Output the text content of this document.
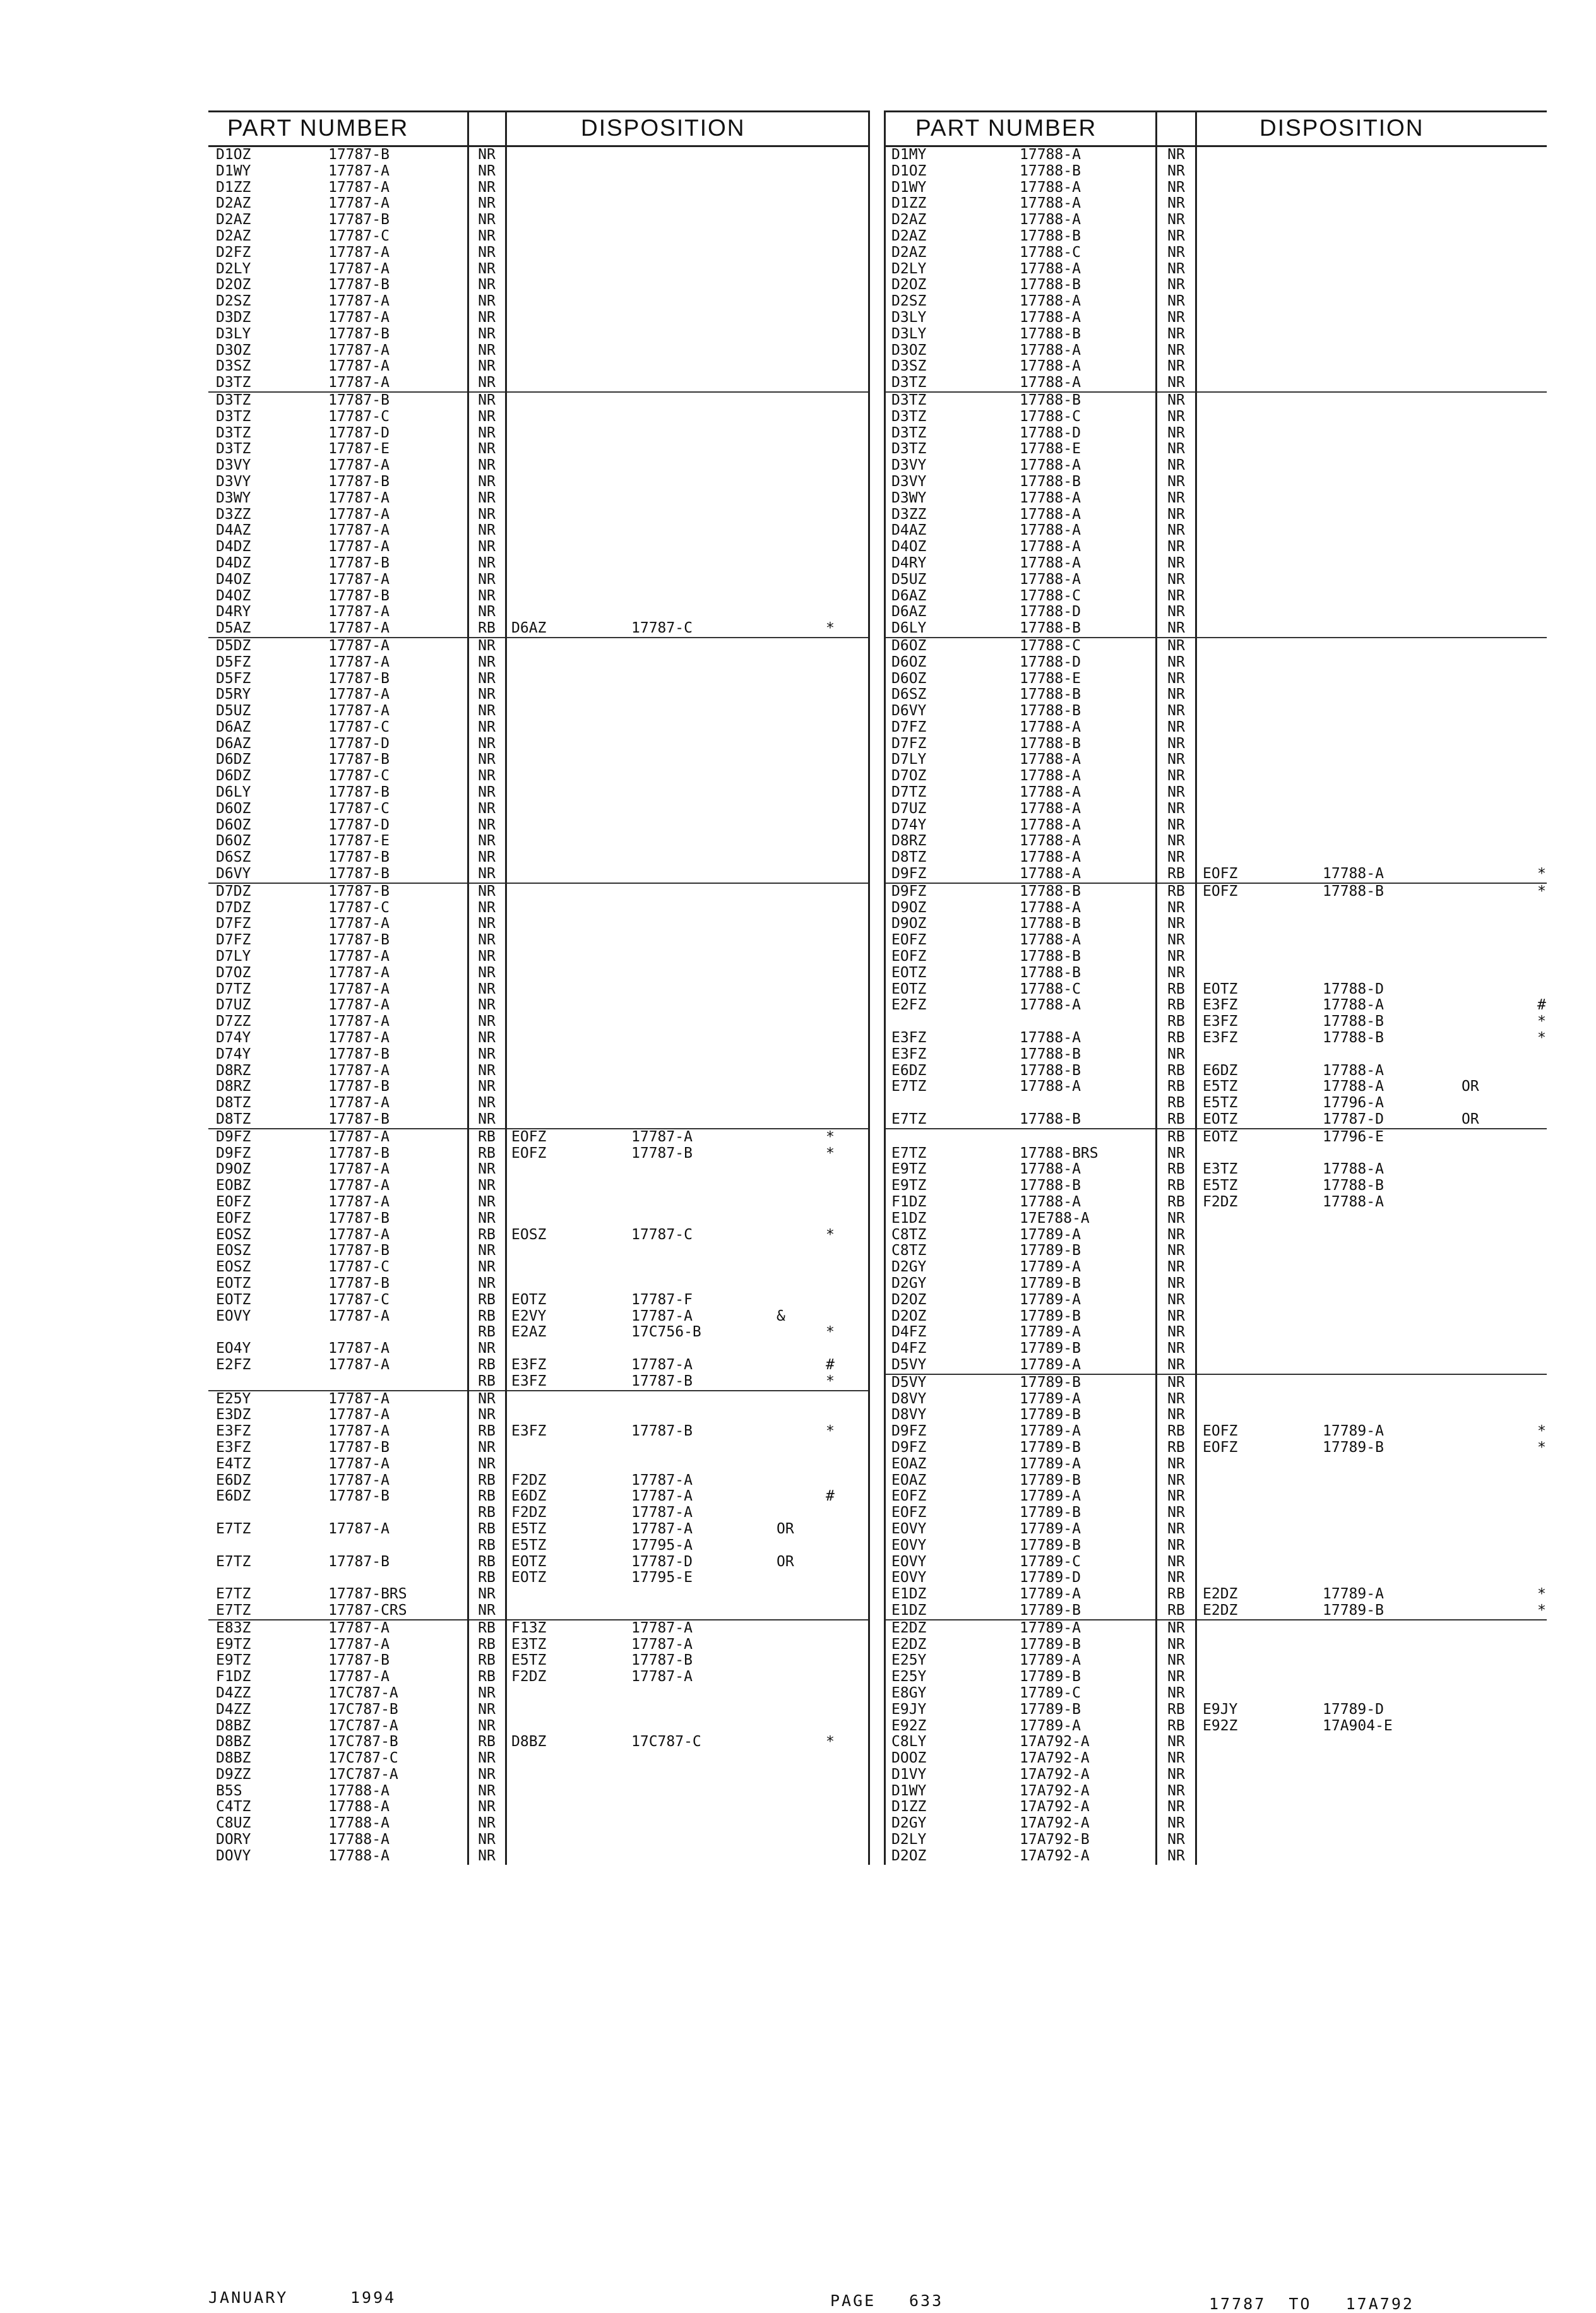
PART NUMBER	DISPOSITION
D1OZ	17787-B	NR
D1WY	17787-A	NR
D1ZZ	17787-A	NR
D2AZ	17787-A	NR
D2AZ	17787-B	NR
D2AZ	17787-C	NR
D2FZ	17787-A	NR
D2LY	17787-A	NR
D2OZ	17787-B	NR
D2SZ	17787-A	NR
D3DZ	17787-A	NR
D3LY	17787-B	NR
D3OZ	17787-A	NR
D3SZ	17787-A	NR
D3TZ	17787-A	NR
D3TZ	17787-B	NR
D3TZ	17787-C	NR
D3TZ	17787-D	NR
D3TZ	17787-E	NR
D3VY	17787-A	NR
D3VY	17787-B	NR
D3WY	17787-A	NR
D3ZZ	17787-A	NR
D4AZ	17787-A	NR
D4DZ	17787-A	NR
D4DZ	17787-B	NR
D4OZ	17787-A	NR
D4OZ	17787-B	NR
D4RY	17787-A	NR
D5AZ	17787-A	RB	D6AZ	17787-C	*
D5DZ	17787-A	NR
D5FZ	17787-A	NR
D5FZ	17787-B	NR
D5RY	17787-A	NR
D5UZ	17787-A	NR
D6AZ	17787-C	NR
D6AZ	17787-D	NR
D6DZ	17787-B	NR
D6DZ	17787-C	NR
D6LY	17787-B	NR
D6OZ	17787-C	NR
D6OZ	17787-D	NR
D6OZ	17787-E	NR
D6SZ	17787-B	NR
D6VY	17787-B	NR
D7DZ	17787-B	NR
D7DZ	17787-C	NR
D7FZ	17787-A	NR
D7FZ	17787-B	NR
D7LY	17787-A	NR
D7OZ	17787-A	NR
D7TZ	17787-A	NR
D7UZ	17787-A	NR
D7ZZ	17787-A	NR
D74Y	17787-A	NR
D74Y	17787-B	NR
D8RZ	17787-A	NR
D8RZ	17787-B	NR
D8TZ	17787-A	NR
D8TZ	17787-B	NR
D9FZ	17787-A	RB	EOFZ	17787-A	*
D9FZ	17787-B	RB	EOFZ	17787-B	*
D9OZ	17787-A	NR
EOBZ	17787-A	NR
EOFZ	17787-A	NR
EOFZ	17787-B	NR
EOSZ	17787-A	RB	EOSZ	17787-C	*
EOSZ	17787-B	NR
EOSZ	17787-C	NR
EOTZ	17787-B	NR
EOTZ	17787-C	RB	EOTZ	17787-F
EOVY	17787-A	RB	E2VY	17787-A	&
RB	E2AZ	17C756-B	*
EO4Y	17787-A	NR
E2FZ	17787-A	RB	E3FZ	17787-A	#
RB	E3FZ	17787-B	*
E25Y	17787-A	NR
E3DZ	17787-A	NR
E3FZ	17787-A	RB	E3FZ	17787-B	*
E3FZ	17787-B	NR
E4TZ	17787-A	NR
E6DZ	17787-A	RB	F2DZ	17787-A
E6DZ	17787-B	RB	E6DZ	17787-A	#
RB	F2DZ	17787-A
E7TZ	17787-A	RB	E5TZ	17787-A	OR
RB	E5TZ	17795-A
E7TZ	17787-B	RB	EOTZ	17787-D	OR
RB	EOTZ	17795-E
E7TZ	17787-BRS	NR
E7TZ	17787-CRS	NR
E83Z	17787-A	RB	F13Z	17787-A
E9TZ	17787-A	RB	E3TZ	17787-A
E9TZ	17787-B	RB	E5TZ	17787-B
F1DZ	17787-A	RB	F2DZ	17787-A
D4ZZ	17C787-A	NR
D4ZZ	17C787-B	NR
D8BZ	17C787-A	NR
D8BZ	17C787-B	RB	D8BZ	17C787-C	*
D8BZ	17C787-C	NR
D9ZZ	17C787-A	NR
B5S	17788-A	NR
C4TZ	17788-A	NR
C8UZ	17788-A	NR
DORY	17788-A	NR
DOVY	17788-A	NR
PART NUMBER	DISPOSITION
D1MY	17788-A	NR
D1OZ	17788-B	NR
D1WY	17788-A	NR
D1ZZ	17788-A	NR
D2AZ	17788-A	NR
D2AZ	17788-B	NR
D2AZ	17788-C	NR
D2LY	17788-A	NR
D2OZ	17788-B	NR
D2SZ	17788-A	NR
D3LY	17788-A	NR
D3LY	17788-B	NR
D3OZ	17788-A	NR
D3SZ	17788-A	NR
D3TZ	17788-A	NR
D3TZ	17788-B	NR
D3TZ	17788-C	NR
D3TZ	17788-D	NR
D3TZ	17788-E	NR
D3VY	17788-A	NR
D3VY	17788-B	NR
D3WY	17788-A	NR
D3ZZ	17788-A	NR
D4AZ	17788-A	NR
D4OZ	17788-A	NR
D4RY	17788-A	NR
D5UZ	17788-A	NR
D6AZ	17788-C	NR
D6AZ	17788-D	NR
D6LY	17788-B	NR
D6OZ	17788-C	NR
D6OZ	17788-D	NR
D6OZ	17788-E	NR
D6SZ	17788-B	NR
D6VY	17788-B	NR
D7FZ	17788-A	NR
D7FZ	17788-B	NR
D7LY	17788-A	NR
D7OZ	17788-A	NR
D7TZ	17788-A	NR
D7UZ	17788-A	NR
D74Y	17788-A	NR
D8RZ	17788-A	NR
D8TZ	17788-A	NR
D9FZ	17788-A	RB	EOFZ	17788-A	*
D9FZ	17788-B	RB	EOFZ	17788-B	*
D9OZ	17788-A	NR
D9OZ	17788-B	NR
EOFZ	17788-A	NR
EOFZ	17788-B	NR
EOTZ	17788-B	NR
EOTZ	17788-C	RB	EOTZ	17788-D
E2FZ	17788-A	RB	E3FZ	17788-A	#
RB	E3FZ	17788-B	*
E3FZ	17788-A	RB	E3FZ	17788-B	*
E3FZ	17788-B	NR
E6DZ	17788-B	RB	E6DZ	17788-A
E7TZ	17788-A	RB	E5TZ	17788-A	OR
RB	E5TZ	17796-A
E7TZ	17788-B	RB	EOTZ	17787-D	OR
RB	EOTZ	17796-E
E7TZ	17788-BRS	NR
E9TZ	17788-A	RB	E3TZ	17788-A
E9TZ	17788-B	RB	E5TZ	17788-B
F1DZ	17788-A	RB	F2DZ	17788-A
E1DZ	17E788-A	NR
C8TZ	17789-A	NR
C8TZ	17789-B	NR
D2GY	17789-A	NR
D2GY	17789-B	NR
D2OZ	17789-A	NR
D2OZ	17789-B	NR
D4FZ	17789-A	NR
D4FZ	17789-B	NR
D5VY	17789-A	NR
D5VY	17789-B	NR
D8VY	17789-A	NR
D8VY	17789-B	NR
D9FZ	17789-A	RB	EOFZ	17789-A	*
D9FZ	17789-B	RB	EOFZ	17789-B	*
EOAZ	17789-A	NR
EOAZ	17789-B	NR
EOFZ	17789-A	NR
EOFZ	17789-B	NR
EOVY	17789-A	NR
EOVY	17789-B	NR
EOVY	17789-C	NR
EOVY	17789-D	NR
E1DZ	17789-A	RB	E2DZ	17789-A	*
E1DZ	17789-B	RB	E2DZ	17789-B	*
E2DZ	17789-A	NR
E2DZ	17789-B	NR
E25Y	17789-A	NR
E25Y	17789-B	NR
E8GY	17789-C	NR
E9JY	17789-B	RB	E9JY	17789-D
E92Z	17789-A	RB	E92Z	17A904-E
C8LY	17A792-A	NR
DOOZ	17A792-A	NR
D1VY	17A792-A	NR
D1WY	17A792-A	NR
D1ZZ	17A792-A	NR
D2GY	17A792-A	NR
D2LY	17A792-B	NR
D2OZ	17A792-A	NR
JANUARY	1994	PAGE 633	17787  TO   17A792
